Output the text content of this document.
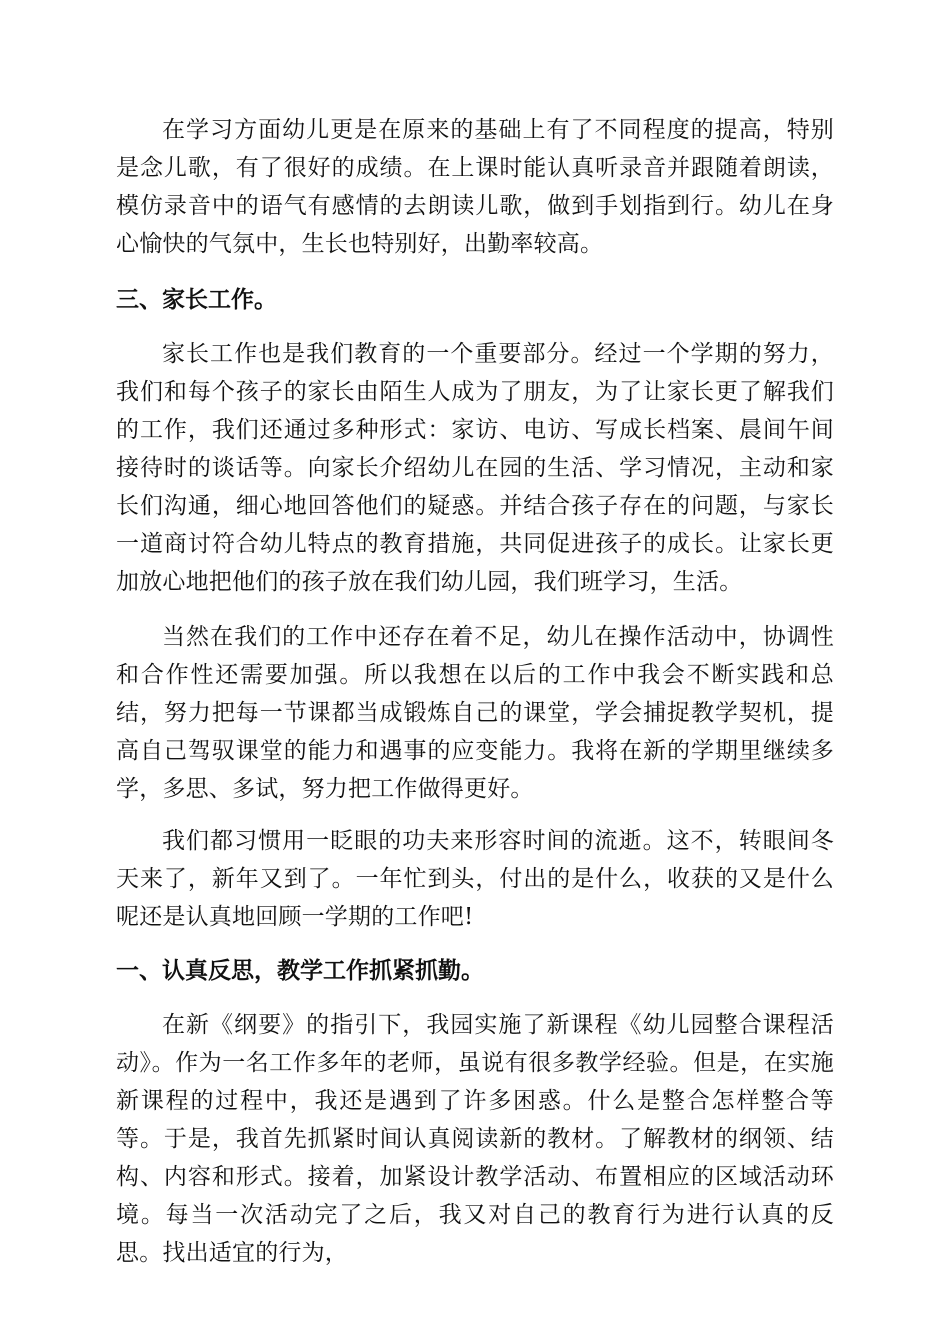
在学习方面幼儿更是在原来的基础上有了不同程度的提高，特别是念儿歌，有了很好的成绩。在上课时能认真听录音并跟随着朗读，模仿录音中的语气有感情的去朗读儿歌，做到手划指到行。幼儿在身心愉快的气氛中，生长也特别好，出勤率较高。

三、家长工作。

家长工作也是我们教育的一个重要部分。经过一个学期的努力，我们和每个孩子的家长由陌生人成为了朋友，为了让家长更了解我们的工作，我们还通过多种形式：家访、电访、写成长档案、晨间午间接待时的谈话等。向家长介绍幼儿在园的生活、学习情况，主动和家长们沟通，细心地回答他们的疑惑。并结合孩子存在的问题，与家长一道商讨符合幼儿特点的教育措施，共同促进孩子的成长。让家长更加放心地把他们的孩子放在我们幼儿园，我们班学习，生活。

当然在我们的工作中还存在着不足，幼儿在操作活动中，协调性和合作性还需要加强。所以我想在以后的工作中我会不断实践和总结，努力把每一节课都当成锻炼自己的课堂，学会捕捉教学契机，提高自己驾驭课堂的能力和遇事的应变能力。我将在新的学期里继续多学，多思、多试，努力把工作做得更好。

我们都习惯用一眨眼的功夫来形容时间的流逝。这不，转眼间冬天来了，新年又到了。一年忙到头，付出的是什么，收获的又是什么呢还是认真地回顾一学期的工作吧!

一、认真反思，教学工作抓紧抓勤。

在新《纲要》的指引下，我园实施了新课程《幼儿园整合课程活动》。作为一名工作多年的老师，虽说有很多教学经验。但是，在实施新课程的过程中，我还是遇到了许多困惑。什么是整合怎样整合等等。于是，我首先抓紧时间认真阅读新的教材。了解教材的纲领、结构、内容和形式。接着，加紧设计教学活动、布置相应的区域活动环境。每当一次活动完了之后，我又对自己的教育行为进行认真的反思。找出适宜的行为，
